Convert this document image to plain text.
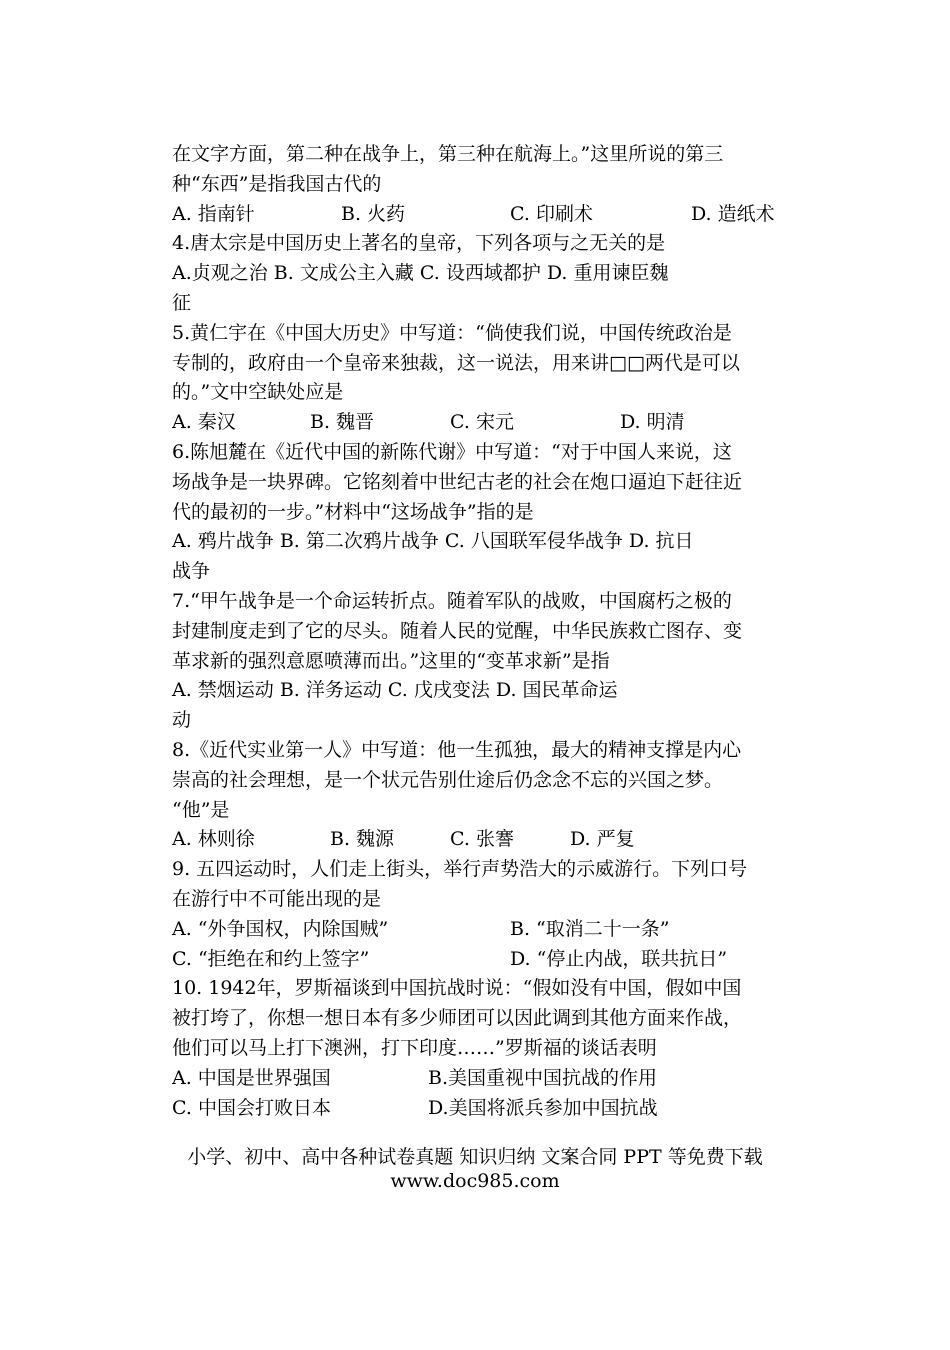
在文字方面，第二种在战争上，第三种在航海上。”这里所说的第三

种“东西”是指我国古代的

A. 指南针	B. 火药	C. 印刷术	D. 造纸术

4.唐太宗是中国历史上著名的皇帝，下列各项与之无关的是

A.贞观之治 B. 文成公主入藏 C. 设西域都护 D. 重用谏臣魏

征

5.黄仁宇在《中国大历史》中写道：“倘使我们说，中国传统政治是

专制的，政府由一个皇帝来独裁，这一说法，用来讲□□两代是可以

的。”文中空缺处应是

A. 秦汉	B. 魏晋	C. 宋元	D. 明清

6.陈旭麓在《近代中国的新陈代谢》中写道：“对于中国人来说，这

场战争是一块界碑。它铭刻着中世纪古老的社会在炮口逼迫下赶往近

代的最初的一步。”材料中“这场战争”指的是

A. 鸦片战争 B. 第二次鸦片战争 C. 八国联军侵华战争 D. 抗日

战争

7.“甲午战争是一个命运转折点。随着军队的战败，中国腐朽之极的

封建制度走到了它的尽头。随着人民的觉醒，中华民族救亡图存、变

革求新的强烈意愿喷薄而出。”这里的“变革求新”是指

A. 禁烟运动 B. 洋务运动 C. 戊戌变法 D. 国民革命运

动

8.《近代实业第一人》中写道：他一生孤独，最大的精神支撑是内心

崇高的社会理想，是一个状元告别仕途后仍念念不忘的兴国之梦。

“他”是

A. 林则徐	B. 魏源	C. 张謇	D. 严复

9. 五四运动时，人们走上街头，举行声势浩大的示威游行。下列口号

在游行中不可能出现的是

A. “外争国权，内除国贼”	B. “取消二十一条”
C. “拒绝在和约上签字”	D. “停止内战，联共抗日”

10. 1942年，罗斯福谈到中国抗战时说：“假如没有中国，假如中国

被打垮了，你想一想日本有多少师团可以因此调到其他方面来作战，

他们可以马上打下澳洲，打下印度……”罗斯福的谈话表明

A. 中国是世界强国	B.美国重视中国抗战的作用
C. 中国会打败日本	D.美国将派兵参加中国抗战
小学、初中、高中各种试卷真题 知识归纳 文案合同 PPT 等免费下载
www.doc985.com
